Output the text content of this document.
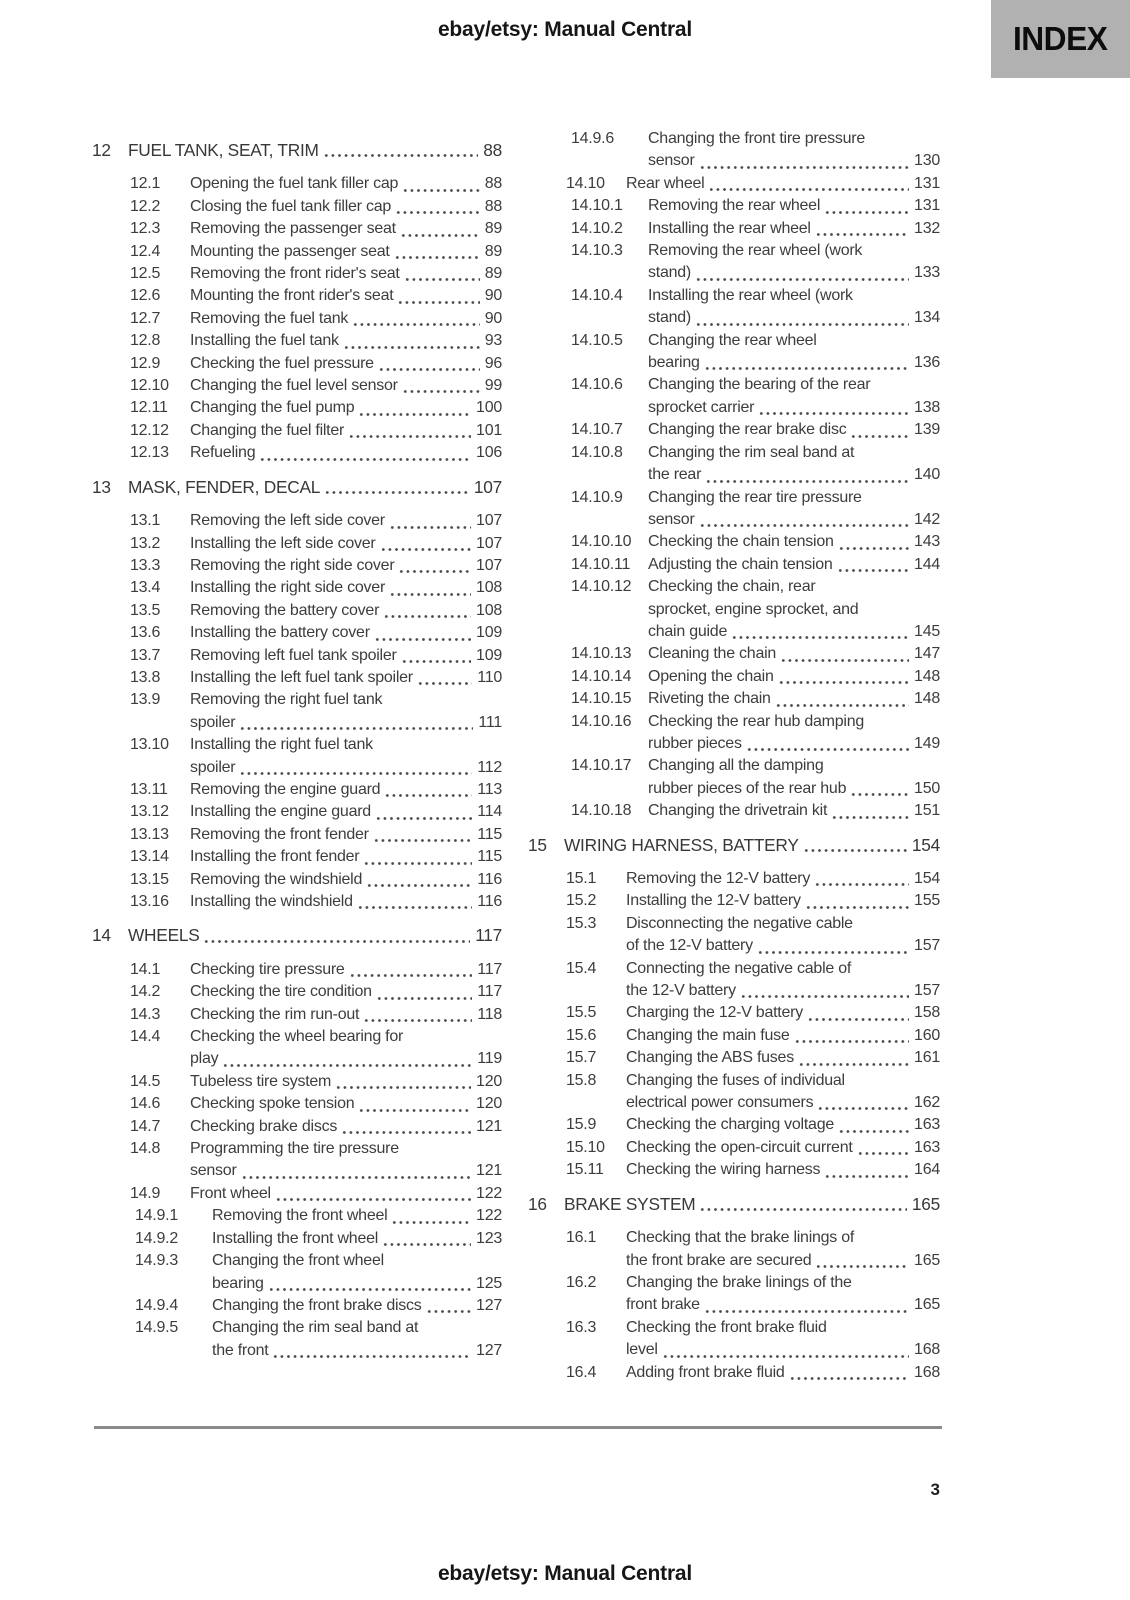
ebay/etsy: Manual Central	INDEX
12 FUEL TANK, SEAT, TRIM	88
12.1	Opening the fuel tank filler cap	88
12.2	Closing the fuel tank filler cap	88
12.3	Removing the passenger seat	89
12.4	Mounting the passenger seat	89
12.5	Removing the front rider's seat	89
12.6	Mounting the front rider's seat	90
12.7	Removing the fuel tank	90
12.8	Installing the fuel tank	93
12.9	Checking the fuel pressure	96
12.10	Changing the fuel level sensor	99
12.11	Changing the fuel pump	100
12.12	Changing the fuel filter	101
12.13	Refueling	106
13 MASK, FENDER, DECAL	107
13.1	Removing the left side cover	107
13.2	Installing the left side cover	107
13.3	Removing the right side cover	107
13.4	Installing the right side cover	108
13.5	Removing the battery cover	108
13.6	Installing the battery cover	109
13.7	Removing left fuel tank spoiler	109
13.8	Installing the left fuel tank spoiler	110
13.9	Removing the right fuel tank
spoiler	111
13.10	Installing the right fuel tank
spoiler	112
13.11	Removing the engine guard	113
13.12	Installing the engine guard	114
13.13	Removing the front fender	115
13.14	Installing the front fender	115
13.15	Removing the windshield	116
13.16	Installing the windshield	116
14 WHEELS	117
14.1	Checking tire pressure	117
14.2	Checking the tire condition	117
14.3	Checking the rim run-out	118
14.4	Checking the wheel bearing for
play	119
14.5	Tubeless tire system	120
14.6	Checking spoke tension	120
14.7	Checking brake discs	121
14.8	Programming the tire pressure
sensor	121
14.9	Front wheel	122
14.9.1	Removing the front wheel	122
14.9.2	Installing the front wheel	123
14.9.3	Changing the front wheel
bearing	125
14.9.4	Changing the front brake discs	127
14.9.5	Changing the rim seal band at
the front	127
14.9.6	Changing the front tire pressure
sensor	130
14.10	Rear wheel	131
14.10.1	Removing the rear wheel	131
14.10.2	Installing the rear wheel	132
14.10.3	Removing the rear wheel (work
stand)	133
14.10.4	Installing the rear wheel (work
stand)	134
14.10.5	Changing the rear wheel
bearing	136
14.10.6	Changing the bearing of the rear
sprocket carrier	138
14.10.7	Changing the rear brake disc	139
14.10.8	Changing the rim seal band at
the rear	140
14.10.9	Changing the rear tire pressure
sensor	142
14.10.10	Checking the chain tension	143
14.10.11	Adjusting the chain tension	144
14.10.12	Checking the chain, rear
sprocket, engine sprocket, and
chain guide	145
14.10.13	Cleaning the chain	147
14.10.14	Opening the chain	148
14.10.15	Riveting the chain	148
14.10.16	Checking the rear hub damping
rubber pieces	149
14.10.17	Changing all the damping
rubber pieces of the rear hub	150
14.10.18	Changing the drivetrain kit	151
15 WIRING HARNESS, BATTERY	154
15.1	Removing the 12-V battery	154
15.2	Installing the 12-V battery	155
15.3	Disconnecting the negative cable
of the 12-V battery	157
15.4	Connecting the negative cable of
the 12-V battery	157
15.5	Charging the 12-V battery	158
15.6	Changing the main fuse	160
15.7	Changing the ABS fuses	161
15.8	Changing the fuses of individual
electrical power consumers	162
15.9	Checking the charging voltage	163
15.10	Checking the open-circuit current	163
15.11	Checking the wiring harness	164
16 BRAKE SYSTEM	165
16.1	Checking that the brake linings of
the front brake are secured	165
16.2	Changing the brake linings of the
front brake	165
16.3	Checking the front brake fluid
level	168
16.4	Adding front brake fluid	168
3
ebay/etsy: Manual Central
